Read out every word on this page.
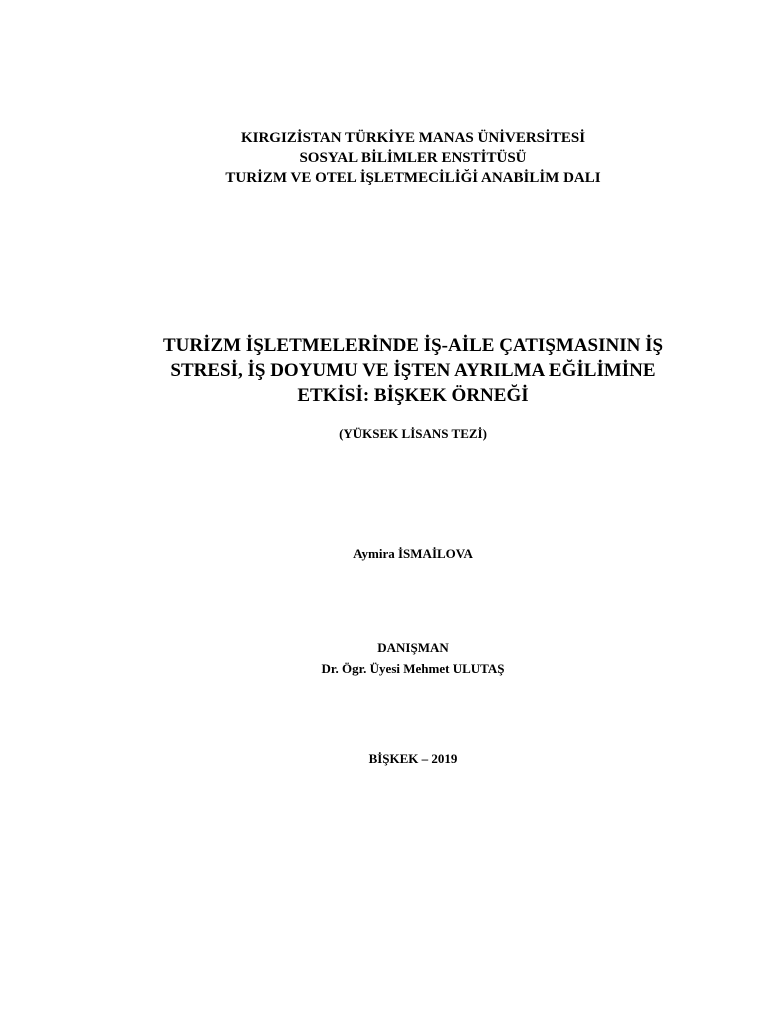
KIRGIZİSTAN TÜRKİYE MANAS ÜNİVERSİTESİ
SOSYAL BİLİMLER ENSTİTÜSÜ
TURİZM VE OTEL İŞLETMECİLİĞİ ANABİLİM DALI
TURİZM İŞLETMELERİNDE İŞ-AİLE ÇATIŞMASININ İŞ
STRESİ, İŞ DOYUMU VE İŞTEN AYRILMA EĞİLİMİNE
ETKİSİ: BİŞKEK ÖRNEĞİ
(YÜKSEK LİSANS TEZİ)
Aymira İSMAİLOVA
DANIŞMAN
Dr. Ögr. Üyesi Mehmet ULUTAŞ
BİŞKEK – 2019
